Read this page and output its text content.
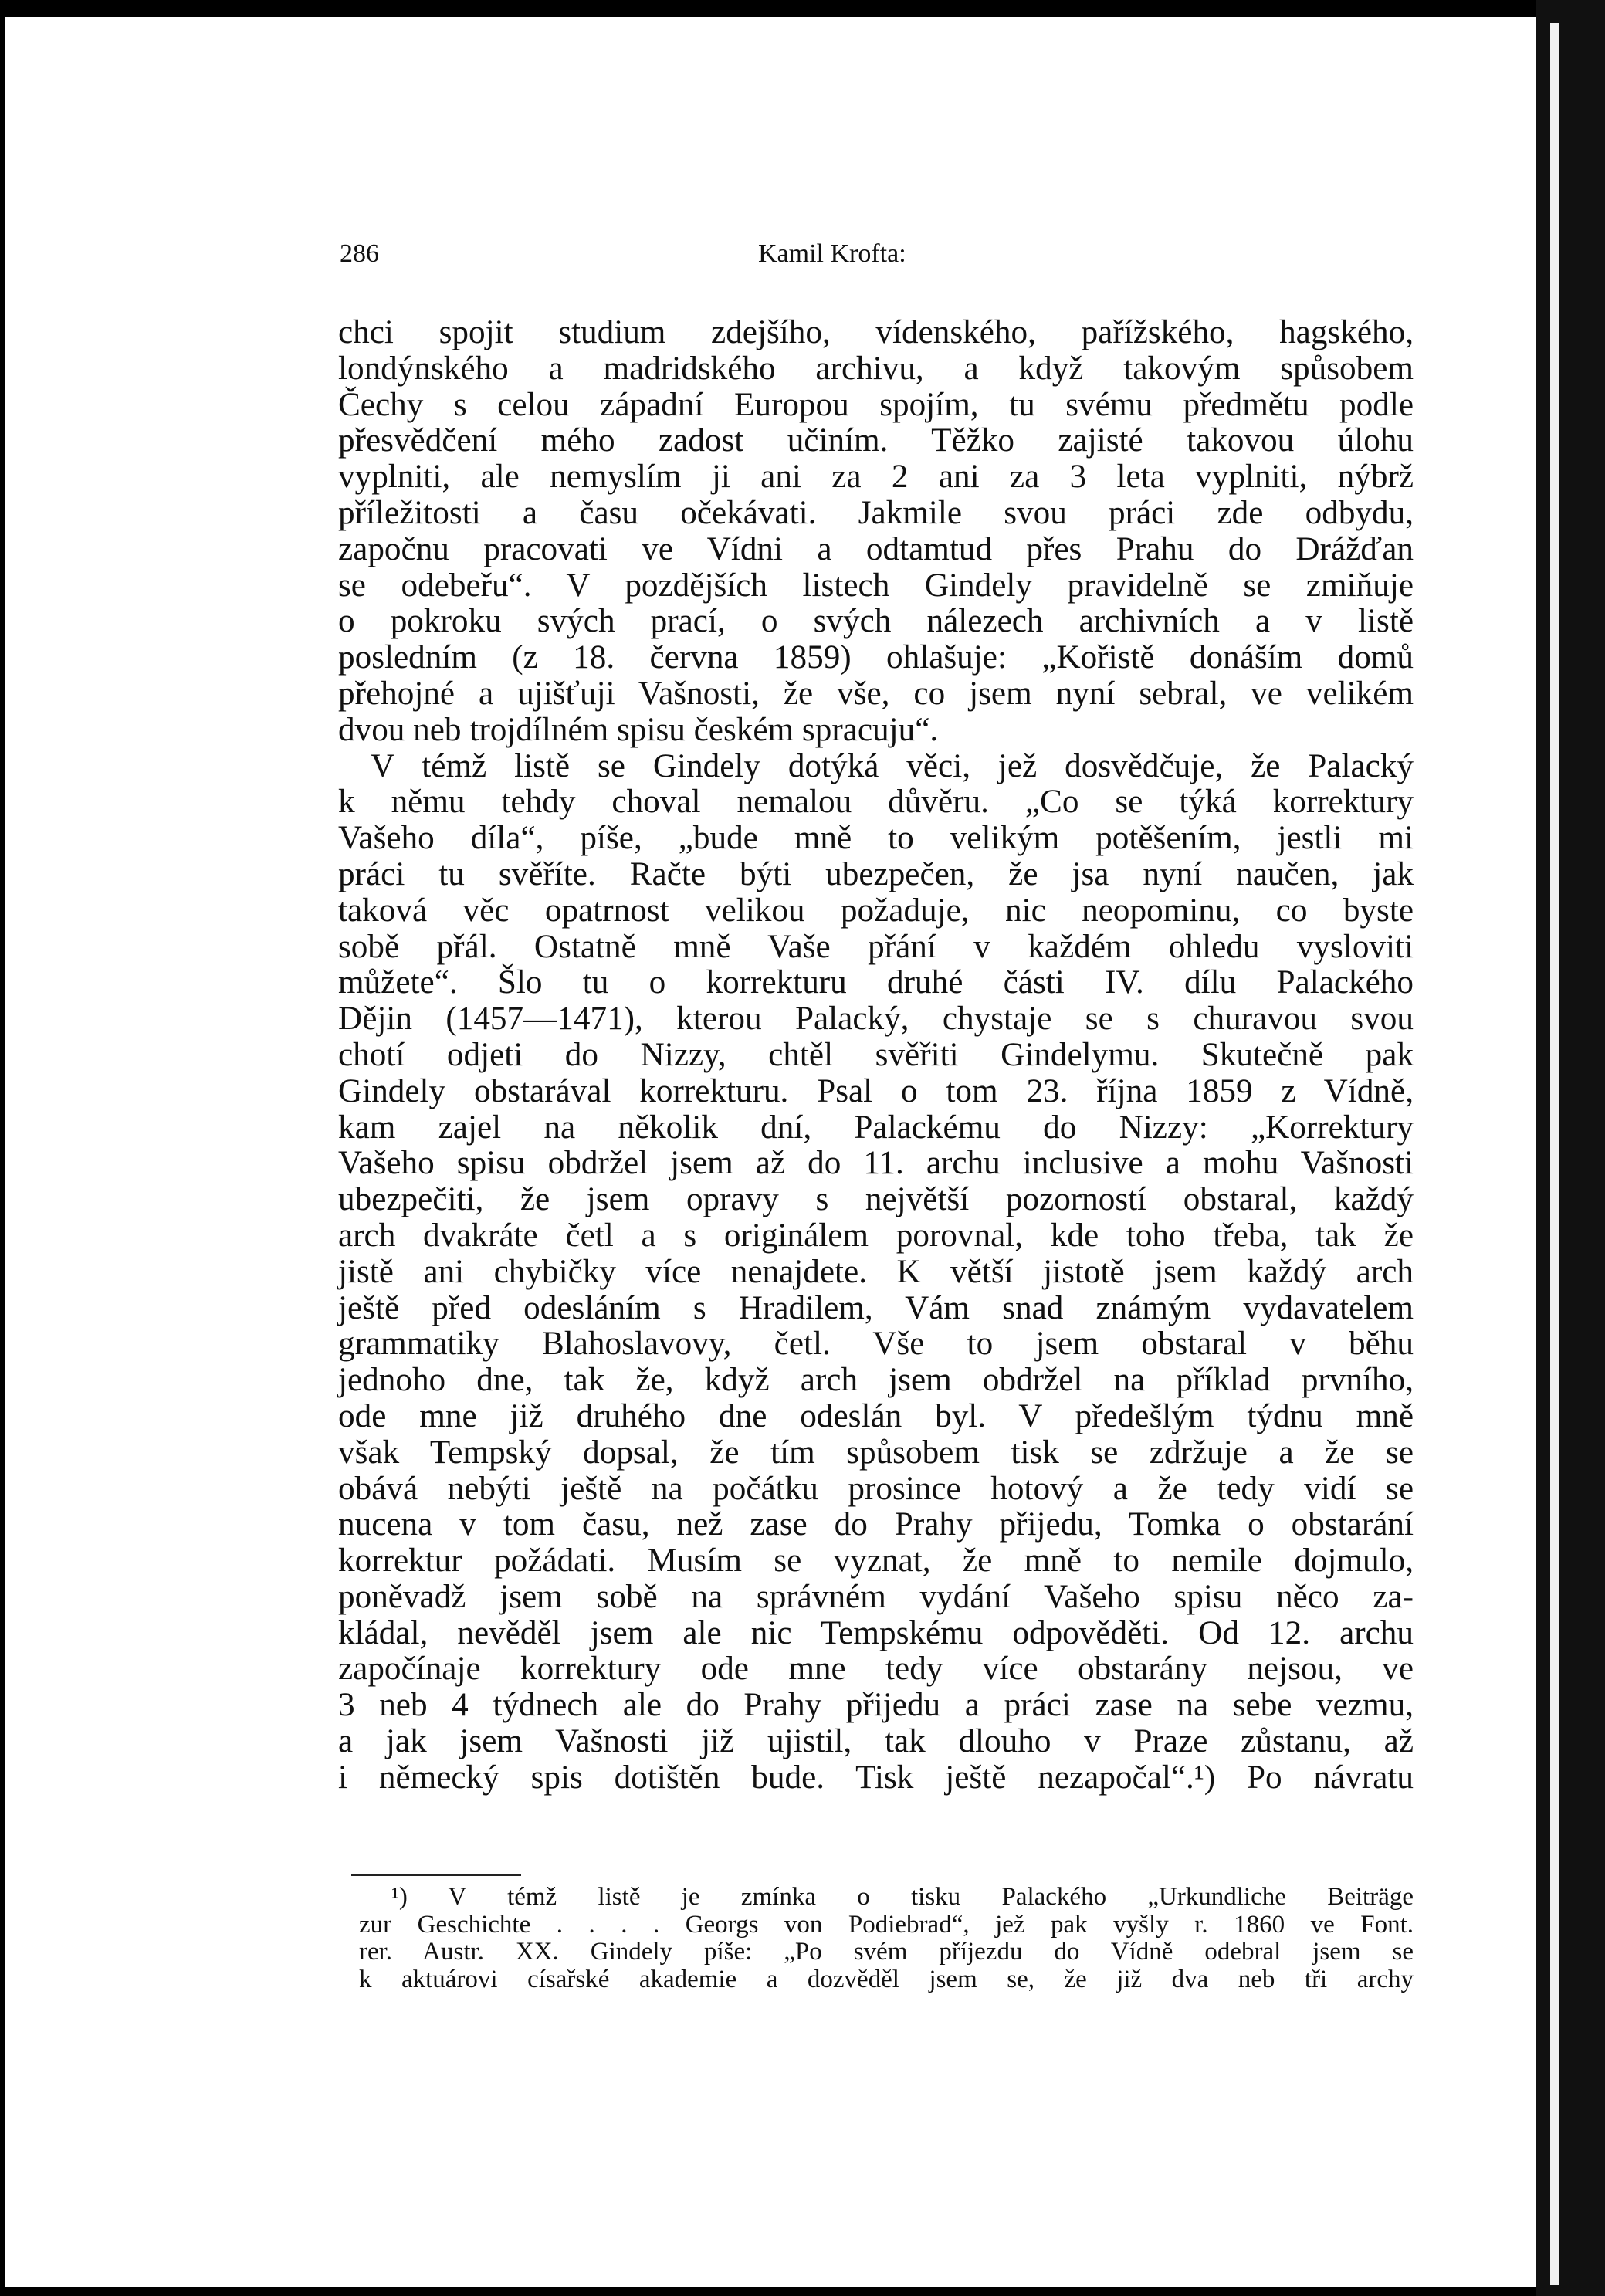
286	Kamil Krofta:
chci spojit studium zdejšího, vídenského, pařížského, hagského,
londýnského a madridského archivu, a když takovým spůsobem
Čechy s celou západní Europou spojím, tu svému předmětu podle
přesvědčení mého zadost učiním. Těžko zajisté takovou úlohu
vyplniti, ale nemyslím ji ani za 2 ani za 3 leta vyplniti, nýbrž
příležitosti a času očekávati. Jakmile svou práci zde odbydu,
započnu pracovati ve Vídni a odtamtud přes Prahu do Drážďan
se odebeřu“. V pozdějších listech Gindely pravidelně se zmiňuje
o pokroku svých prací, o svých nálezech archivních a v listě
posledním (z 18. června 1859) ohlašuje: „Kořistě donáším domů
přehojné a ujišťuji Vašnosti, že vše, co jsem nyní sebral, ve velikém
dvou neb trojdílném spisu českém spracuju“.
V témž listě se Gindely dotýká věci, jež dosvědčuje, že Palacký
k němu tehdy choval nemalou důvěru. „Co se týká korrektury
Vašeho díla“, píše, „bude mně to velikým potěšením, jestli mi
práci tu svěříte. Račte býti ubezpečen, že jsa nyní naučen, jak
taková věc opatrnost velikou požaduje, nic neopominu, co byste
sobě přál. Ostatně mně Vaše přání v každém ohledu vysloviti
můžete“. Šlo tu o korrekturu druhé části IV. dílu Palackého
Dějin (1457—1471), kterou Palacký, chystaje se s churavou svou
chotí odjeti do Nizzy, chtěl svěřiti Gindelymu. Skutečně pak
Gindely obstarával korrekturu. Psal o tom 23. října 1859 z Vídně,
kam zajel na několik dní, Palackému do Nizzy: „Korrektury
Vašeho spisu obdržel jsem až do 11. archu inclusive a mohu Vašnosti
ubezpečiti, že jsem opravy s největší pozorností obstaral, každý
arch dvakráte četl a s originálem porovnal, kde toho třeba, tak že
jistě ani chybičky více nenajdete. K větší jistotě jsem každý arch
ještě před odesláním s Hradilem, Vám snad známým vydavatelem
grammatiky Blahoslavovy, četl. Vše to jsem obstaral v běhu
jednoho dne, tak že, když arch jsem obdržel na příklad prvního,
ode mne již druhého dne odeslán byl. V předešlým týdnu mně
však Tempský dopsal, že tím spůsobem tisk se zdržuje a že se
obává nebýti ještě na počátku prosince hotový a že tedy vidí se
nucena v tom času, než zase do Prahy přijedu, Tomka o obstarání
korrektur požádati. Musím se vyznat, že mně to nemile dojmulo,
poněvadž jsem sobě na správném vydání Vašeho spisu něco za-
kládal, nevěděl jsem ale nic Tempskému odpověděti. Od 12. archu
započínaje korrektury ode mne tedy více obstarány nejsou, ve
3 neb 4 týdnech ale do Prahy přijedu a práci zase na sebe vezmu,
a jak jsem Vašnosti již ujistil, tak dlouho v Praze zůstanu, až
i německý spis dotištěn bude. Tisk ještě nezapočal“.¹) Po návratu
¹) V témž listě je zmínka o tisku Palackého „Urkundliche Beiträge
zur Geschichte . . . . Georgs von Podiebrad“, jež pak vyšly r. 1860 ve Font.
rer. Austr. XX. Gindely píše: „Po svém příjezdu do Vídně odebral jsem se
k aktuárovi císařské akademie a dozvěděl jsem se, že již dva neb tři archy
